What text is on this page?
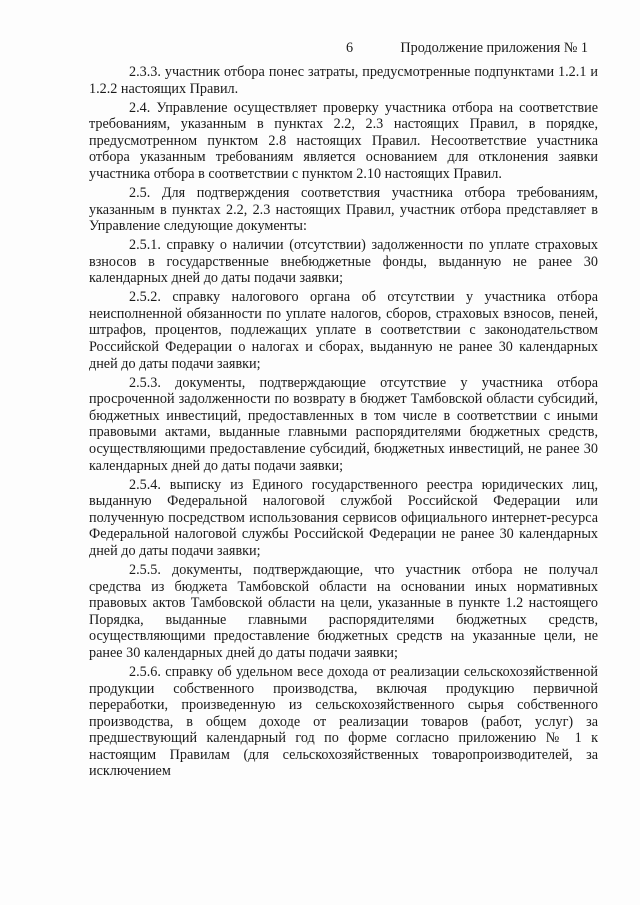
6	Продолжение приложения № 1

2.3.3. участник отбора понес затраты, предусмотренные подпунктами 1.2.1 и 1.2.2 настоящих Правил.

2.4. Управление осуществляет проверку участника отбора на соответствие требованиям, указанным в пунктах 2.2, 2.3 настоящих Правил, в порядке, предусмотренном пунктом 2.8 настоящих Правил. Несоответствие участника отбора указанным требованиям является основанием для отклонения заявки участника отбора в соответствии с пунктом 2.10 настоящих Правил.

2.5. Для подтверждения соответствия участника отбора требованиям, указанным в пунктах 2.2, 2.3 настоящих Правил, участник отбора представляет в Управление следующие документы:

2.5.1. справку о наличии (отсутствии) задолженности по уплате страховых взносов в государственные внебюджетные фонды, выданную не ранее 30 календарных дней до даты подачи заявки;

2.5.2. справку налогового органа об отсутствии у участника отбора неисполненной обязанности по уплате налогов, сборов, страховых взносов, пеней, штрафов, процентов, подлежащих уплате в соответствии с законодательством Российской Федерации о налогах и сборах, выданную не ранее 30 календарных дней до даты подачи заявки;

2.5.3. документы, подтверждающие отсутствие у участника отбора просроченной задолженности по возврату в бюджет Тамбовской области субсидий, бюджетных инвестиций, предоставленных в том числе в соответствии с иными правовыми актами, выданные главными распорядителями бюджетных средств, осуществляющими предоставление субсидий, бюджетных инвестиций, не ранее 30 календарных дней до даты подачи заявки;

2.5.4. выписку из Единого государственного реестра юридических лиц, выданную Федеральной налоговой службой Российской Федерации или полученную посредством использования сервисов официального интернет-ресурса Федеральной налоговой службы Российской Федерации не ранее 30 календарных дней до даты подачи заявки;

2.5.5. документы, подтверждающие, что участник отбора не получал средства из бюджета Тамбовской области на основании иных нормативных правовых актов Тамбовской области на цели, указанные в пункте 1.2 настоящего Порядка, выданные главными распорядителями бюджетных средств, осуществляющими предоставление бюджетных средств на указанные цели, не ранее 30 календарных дней до даты подачи заявки;

2.5.6. справку об удельном весе дохода от реализации сельскохозяйственной продукции собственного производства, включая продукцию первичной переработки, произведенную из сельскохозяйственного сырья собственного производства, в общем доходе от реализации товаров (работ, услуг) за предшествующий календарный год по форме согласно приложению № 1 к настоящим Правилам (для сельскохозяйственных товаропроизводителей, за исключением
